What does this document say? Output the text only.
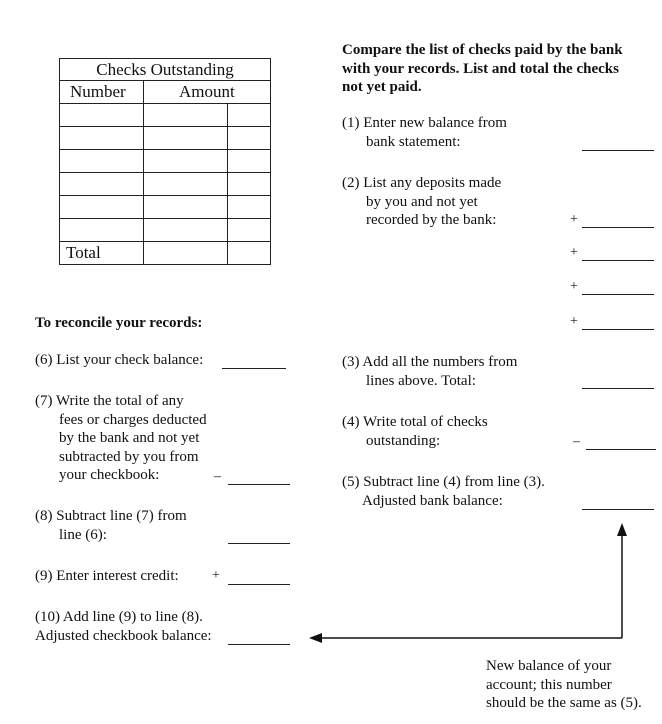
Checks Outstanding		
Number	Amount	

Total		
Compare the list of checks paid by the bank
with your records. List and total the checks
not yet paid.
(1) Enter new balance from
bank statement:
(2) List any deposits made
by you and not yet
recorded by the bank:	+
+
+
+
To reconcile your records:
(6) List your check balance:
(7) Write the total of any
fees or charges deducted
by the bank and not yet
subtracted by you from
your checkbook:	–
(8) Subtract line (7) from
line (6):
(9) Enter interest credit: +
(10) Add line (9) to line (8).
Adjusted checkbook balance:
(3) Add all the numbers from
lines above. Total:
(4) Write total of checks
outstanding:	–
(5) Subtract line (4) from line (3).
Adjusted bank balance:
New balance of your
account; this number
should be the same as (5).
